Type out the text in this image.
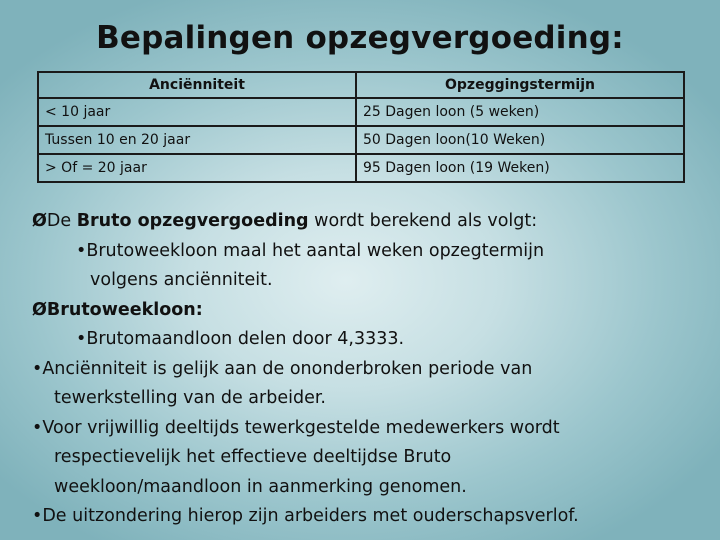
Bepalingen opzegvergoeding:
Anciënniteit	Opzeggingstermijn
< 10 jaar	25 Dagen loon (5 weken)
Tussen 10 en 20 jaar	50 Dagen loon(10 Weken)
> Of = 20 jaar	95 Dagen loon (19 Weken)
ØDe Bruto opzegvergoeding wordt berekend als volgt:
•Brutoweekloon maal het aantal weken opzegtermijn
volgens anciënniteit.
ØBrutoweekloon:
•Brutomaandloon delen door 4,3333.
•Anciënniteit is gelijk aan de ononderbroken periode van
tewerkstelling van de arbeider.
•Voor vrijwillig deeltijds tewerkgestelde medewerkers wordt
respectievelijk het effectieve deeltijdse Bruto
weekloon/maandloon in aanmerking genomen.
•De uitzondering hierop zijn arbeiders met ouderschapsverlof.
